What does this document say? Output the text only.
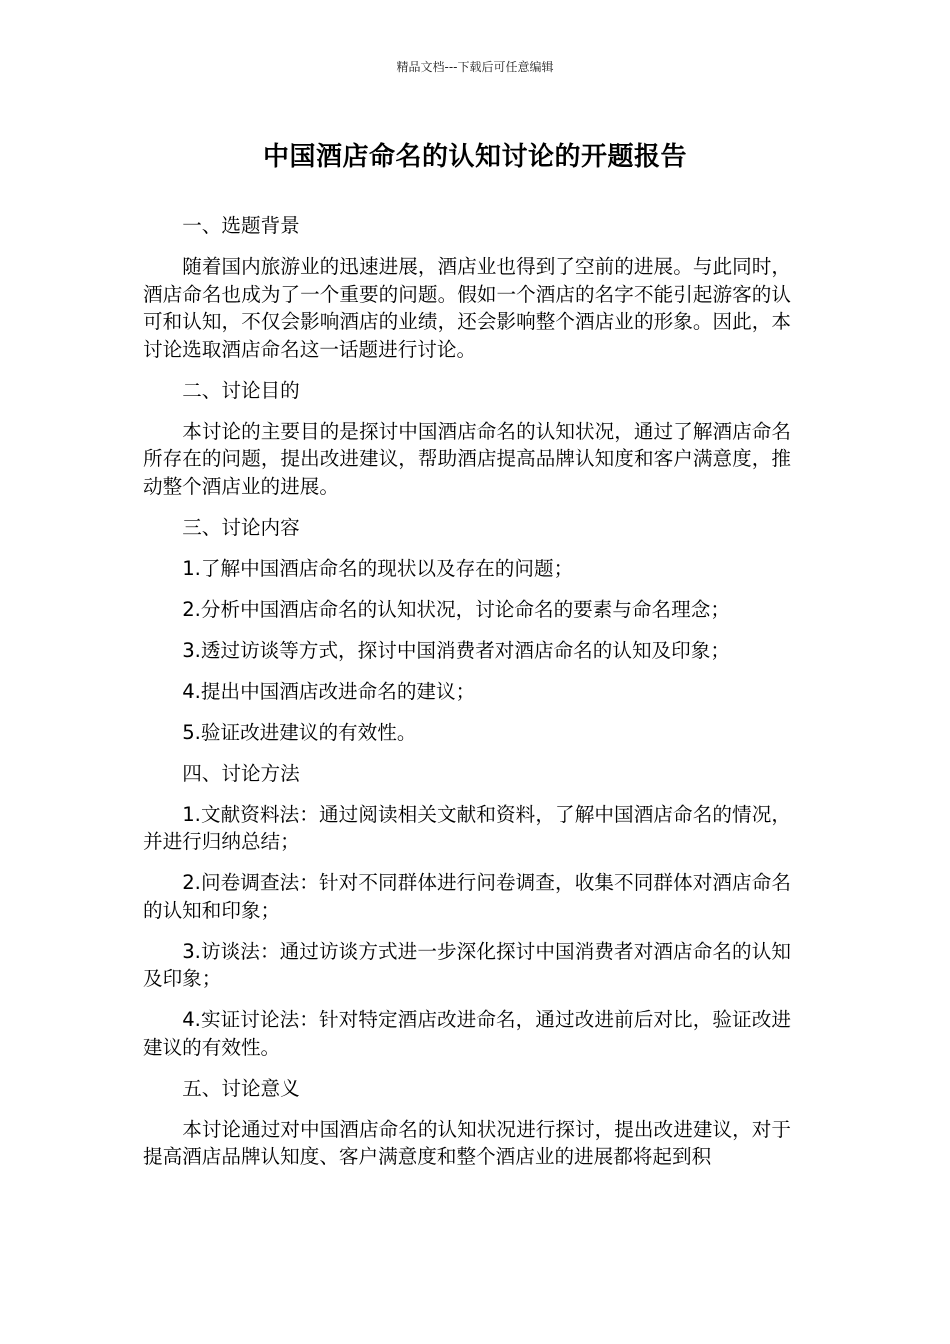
精品文档---下载后可任意编辑
中国酒店命名的认知讨论的开题报告

一、选题背景

随着国内旅游业的迅速进展，酒店业也得到了空前的进展。与此同时，酒店命名也成为了一个重要的问题。假如一个酒店的名字不能引起游客的认可和认知，不仅会影响酒店的业绩，还会影响整个酒店业的形象。因此，本讨论选取酒店命名这一话题进行讨论。

二、讨论目的

本讨论的主要目的是探讨中国酒店命名的认知状况，通过了解酒店命名所存在的问题，提出改进建议，帮助酒店提高品牌认知度和客户满意度，推动整个酒店业的进展。

三、讨论内容

1.了解中国酒店命名的现状以及存在的问题；

2.分析中国酒店命名的认知状况，讨论命名的要素与命名理念；

3.透过访谈等方式，探讨中国消费者对酒店命名的认知及印象；

4.提出中国酒店改进命名的建议；

5.验证改进建议的有效性。

四、讨论方法

1.文献资料法：通过阅读相关文献和资料，了解中国酒店命名的情况，并进行归纳总结；

2.问卷调查法：针对不同群体进行问卷调查，收集不同群体对酒店命名的认知和印象；

3.访谈法：通过访谈方式进一步深化探讨中国消费者对酒店命名的认知及印象；

4.实证讨论法：针对特定酒店改进命名，通过改进前后对比，验证改进建议的有效性。

五、讨论意义

本讨论通过对中国酒店命名的认知状况进行探讨，提出改进建议，对于提高酒店品牌认知度、客户满意度和整个酒店业的进展都将起到积
